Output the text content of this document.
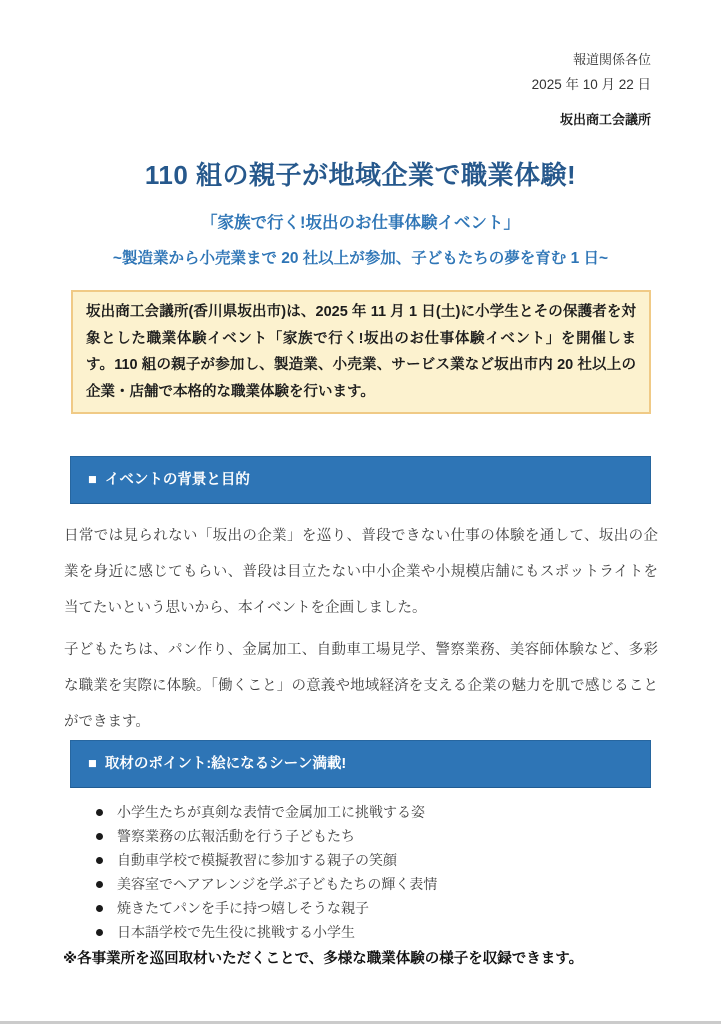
報道関係各位
2025 年 10 月 22 日
坂出商工会議所
110 組の親子が地域企業で職業体験!
「家族で行く!坂出のお仕事体験イベント」
~製造業から小売業まで 20 社以上が参加、子どもたちの夢を育む 1 日~
坂出商工会議所(香川県坂出市)は、2025 年 11 月 1 日(土)に小学生とその保護者を対象とした職業体験イベント「家族で行く!坂出のお仕事体験イベント」を開催します。110 組の親子が参加し、製造業、小売業、サービス業など坂出市内 20 社以上の企業・店舗で本格的な職業体験を行います。
■ イベントの背景と目的

日常では見られない「坂出の企業」を巡り、普段できない仕事の体験を通して、坂出の企業を身近に感じてもらい、普段は目立たない中小企業や小規模店舗にもスポットライトを当てたいという思いから、本イベントを企画しました。

子どもたちは、パン作り、金属加工、自動車工場見学、警察業務、美容師体験など、多彩な職業を実際に体験。「働くこと」の意義や地域経済を支える企業の魅力を肌で感じることができます。

■ 取材のポイント:絵になるシーン満載!
小学生たちが真剣な表情で金属加工に挑戦する姿
警察業務の広報活動を行う子どもたち
自動車学校で模擬教習に参加する親子の笑顔
美容室でヘアアレンジを学ぶ子どもたちの輝く表情
焼きたてパンを手に持つ嬉しそうな親子
日本語学校で先生役に挑戦する小学生

※各事業所を巡回取材いただくことで、多様な職業体験の様子を収録できます。
